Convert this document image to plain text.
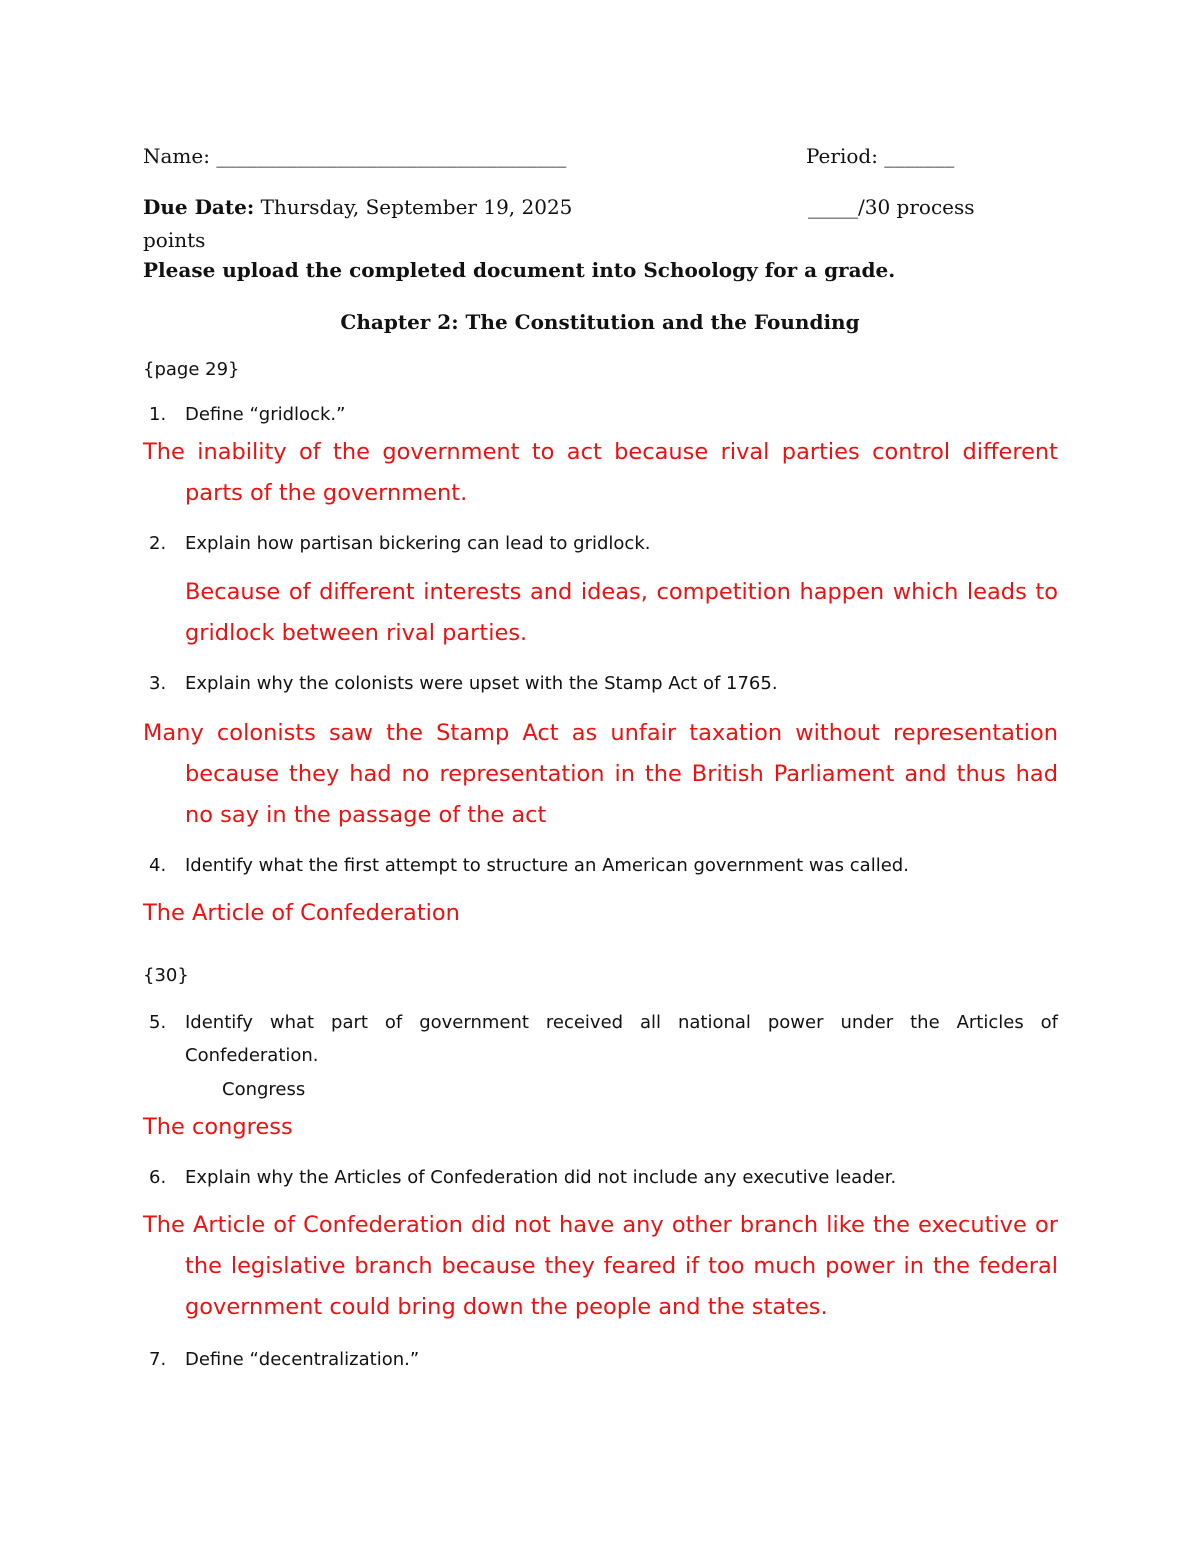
Name: ___________________________________	Period: _______
Due Date: Thursday, September 19, 2025	_____/30 process
points
Please upload the completed document into Schoology for a grade.
Chapter 2: The Constitution and the Founding
{page 29}
1.	Define “gridlock.”
The inability of the government to act because rival parties control different parts of the government.
2.	Explain how partisan bickering can lead to gridlock.
Because of different interests and ideas, competition happen which leads to gridlock between rival parties.
3.	Explain why the colonists were upset with the Stamp Act of 1765.
Many colonists saw the Stamp Act as unfair taxation without representation because they had no representation in the British Parliament and thus had no say in the passage of the act
4.	Identify what the first attempt to structure an American government was called.
The Article of Confederation
{30}
5.	Identify what part of government received all national power under the Articles of Confederation.
Congress
The congress
6.	Explain why the Articles of Confederation did not include any executive leader.
The Article of Confederation did not have any other branch like the executive or the legislative branch because they feared if too much power in the federal government could bring down the people and the states.
7.	Define “decentralization.”
